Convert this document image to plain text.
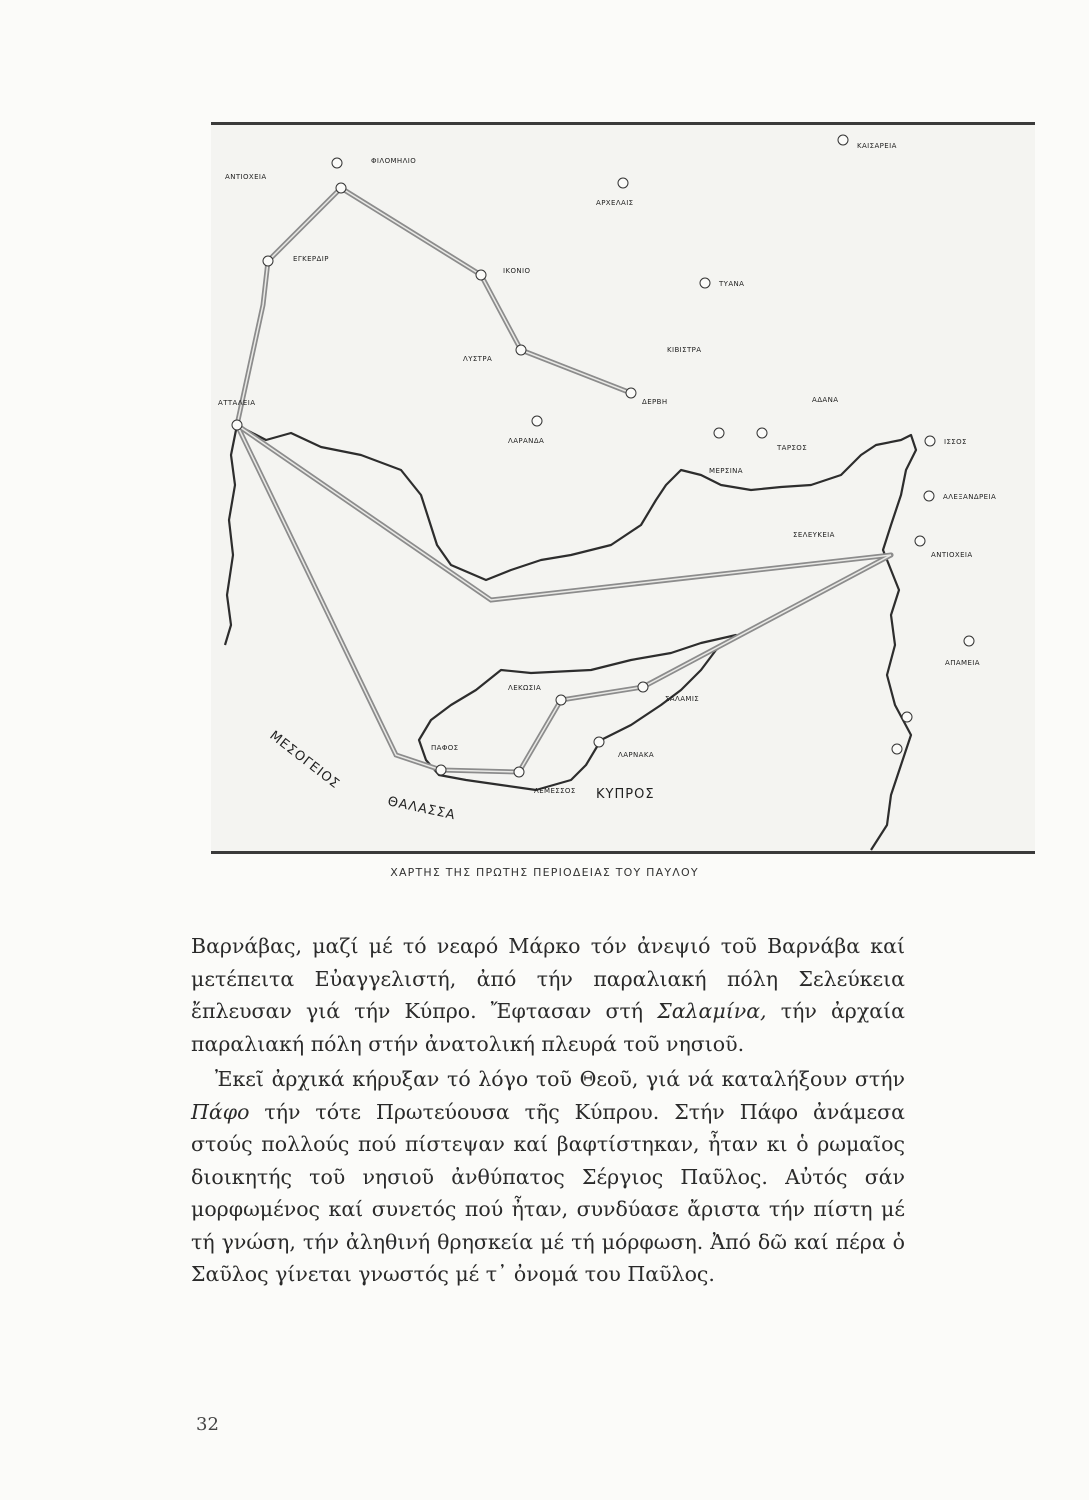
ΚΑΙΣΑΡΕΙΑ
ΦΙΛΟΜΗΛΙΟ
ΑΝΤΙΟΧΕΙΑ
ΑΡΧΕΛΑΙΣ
ΕΓΚΕΡΔΙΡ
ΙΚΟΝΙΟ
ΤΥΑΝΑ
ΚΙΒΙΣΤΡΑ
ΛΥΣΤΡΑ
ΔΕΡΒΗ
ΑΤΤΑΛΕΙΑ	ΑΔΑΝΑ
ΛΑΡΑΝΔΑ
ΤΑΡΣΟΣ
ΙΣΣΟΣ
ΜΕΡΣΙΝΑ
ΑΛΕΞΑΝΔΡΕΙΑ
ΣΕΛΕΥΚΕΙΑ
ΑΝΤΙΟΧΕΙΑ
ΑΠΑΜΕΙΑ
ΛΕΚΩΣΙΑ
ΣΑΛΑΜΙΣ
ΠΑΦΟΣ
ΛΑΡΝΑΚΑ
ΛΕΜΕΣΣΟΣ ΚΥΠΡΟΣ
ΜΕΣΟΓΕΙΟΣ
ΘΑΛΑΣΣΑ
ΧΑΡΤΗΣ ΤΗΣ ΠΡΩΤΗΣ ΠΕΡΙΟΔΕΙΑΣ ΤΟΥ ΠΑΥΛΟΥ

Βαρνάβας, μαζί μέ τό νεαρό Μάρκο τόν ἀνεψιό τοῦ Βαρνάβα καί μετέπειτα Εὐαγγελιστή, ἀπό τήν παραλιακή πόλη Σελεύκεια ἔπλευσαν γιά τήν Κύπρο. Ἔφτασαν στή Σαλαμίνα, τήν ἀρχαία παραλιακή πόλη στήν ἀνατολική πλευρά τοῦ νησιοῦ.

Ἐκεῖ ἀρχικά κήρυξαν τό λόγο τοῦ Θεοῦ, γιά νά καταλήξουν στήν Πάφο τήν τότε Πρωτεύουσα τῆς Κύπρου. Στήν Πάφο ἀνάμεσα στούς πολλούς πού πίστεψαν καί βαφτίστηκαν, ἦταν κι ὁ ρωμαῖος διοικητής τοῦ νησιοῦ ἀνθύπατος Σέργιος Παῦλος. Αὐτός σάν μορφωμένος καί συνετός πού ἦταν, συνδύασε ἄριστα τήν πίστη μέ τή γνώση, τήν ἀληθινή θρησκεία μέ τή μόρφωση. Ἀπό δῶ καί πέρα ὁ Σαῦλος γίνεται γνωστός μέ τ᾽ ὀνομά του Παῦλος.

32
